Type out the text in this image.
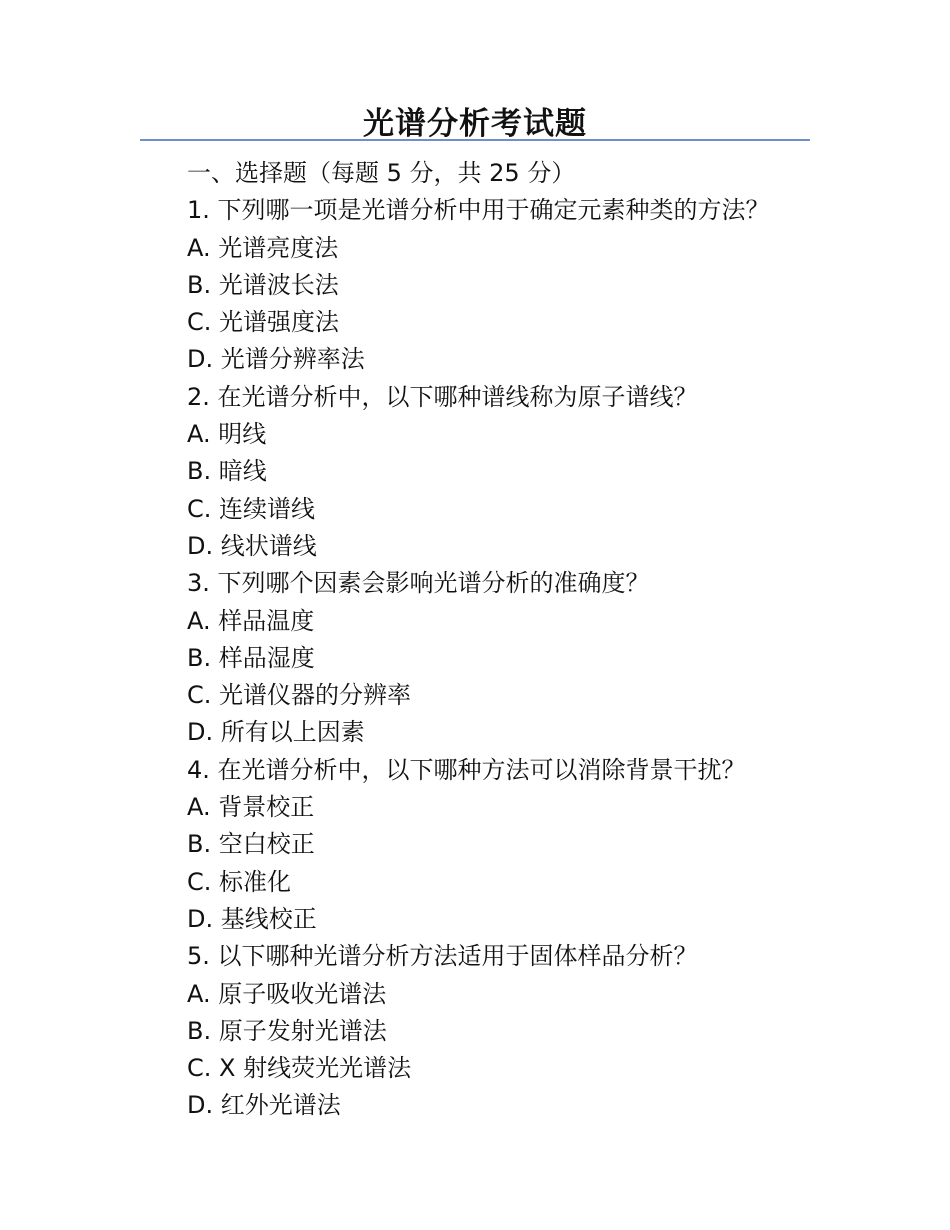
光谱分析考试题
一、选择题（每题 5 分，共 25 分）
1. 下列哪一项是光谱分析中用于确定元素种类的方法？
A. 光谱亮度法
B. 光谱波长法
C. 光谱强度法
D. 光谱分辨率法
2. 在光谱分析中，以下哪种谱线称为原子谱线？
A. 明线
B. 暗线
C. 连续谱线
D. 线状谱线
3. 下列哪个因素会影响光谱分析的准确度？
A. 样品温度
B. 样品湿度
C. 光谱仪器的分辨率
D. 所有以上因素
4. 在光谱分析中，以下哪种方法可以消除背景干扰？
A. 背景校正
B. 空白校正
C. 标准化
D. 基线校正
5. 以下哪种光谱分析方法适用于固体样品分析？
A. 原子吸收光谱法
B. 原子发射光谱法
C. X 射线荧光光谱法
D. 红外光谱法
